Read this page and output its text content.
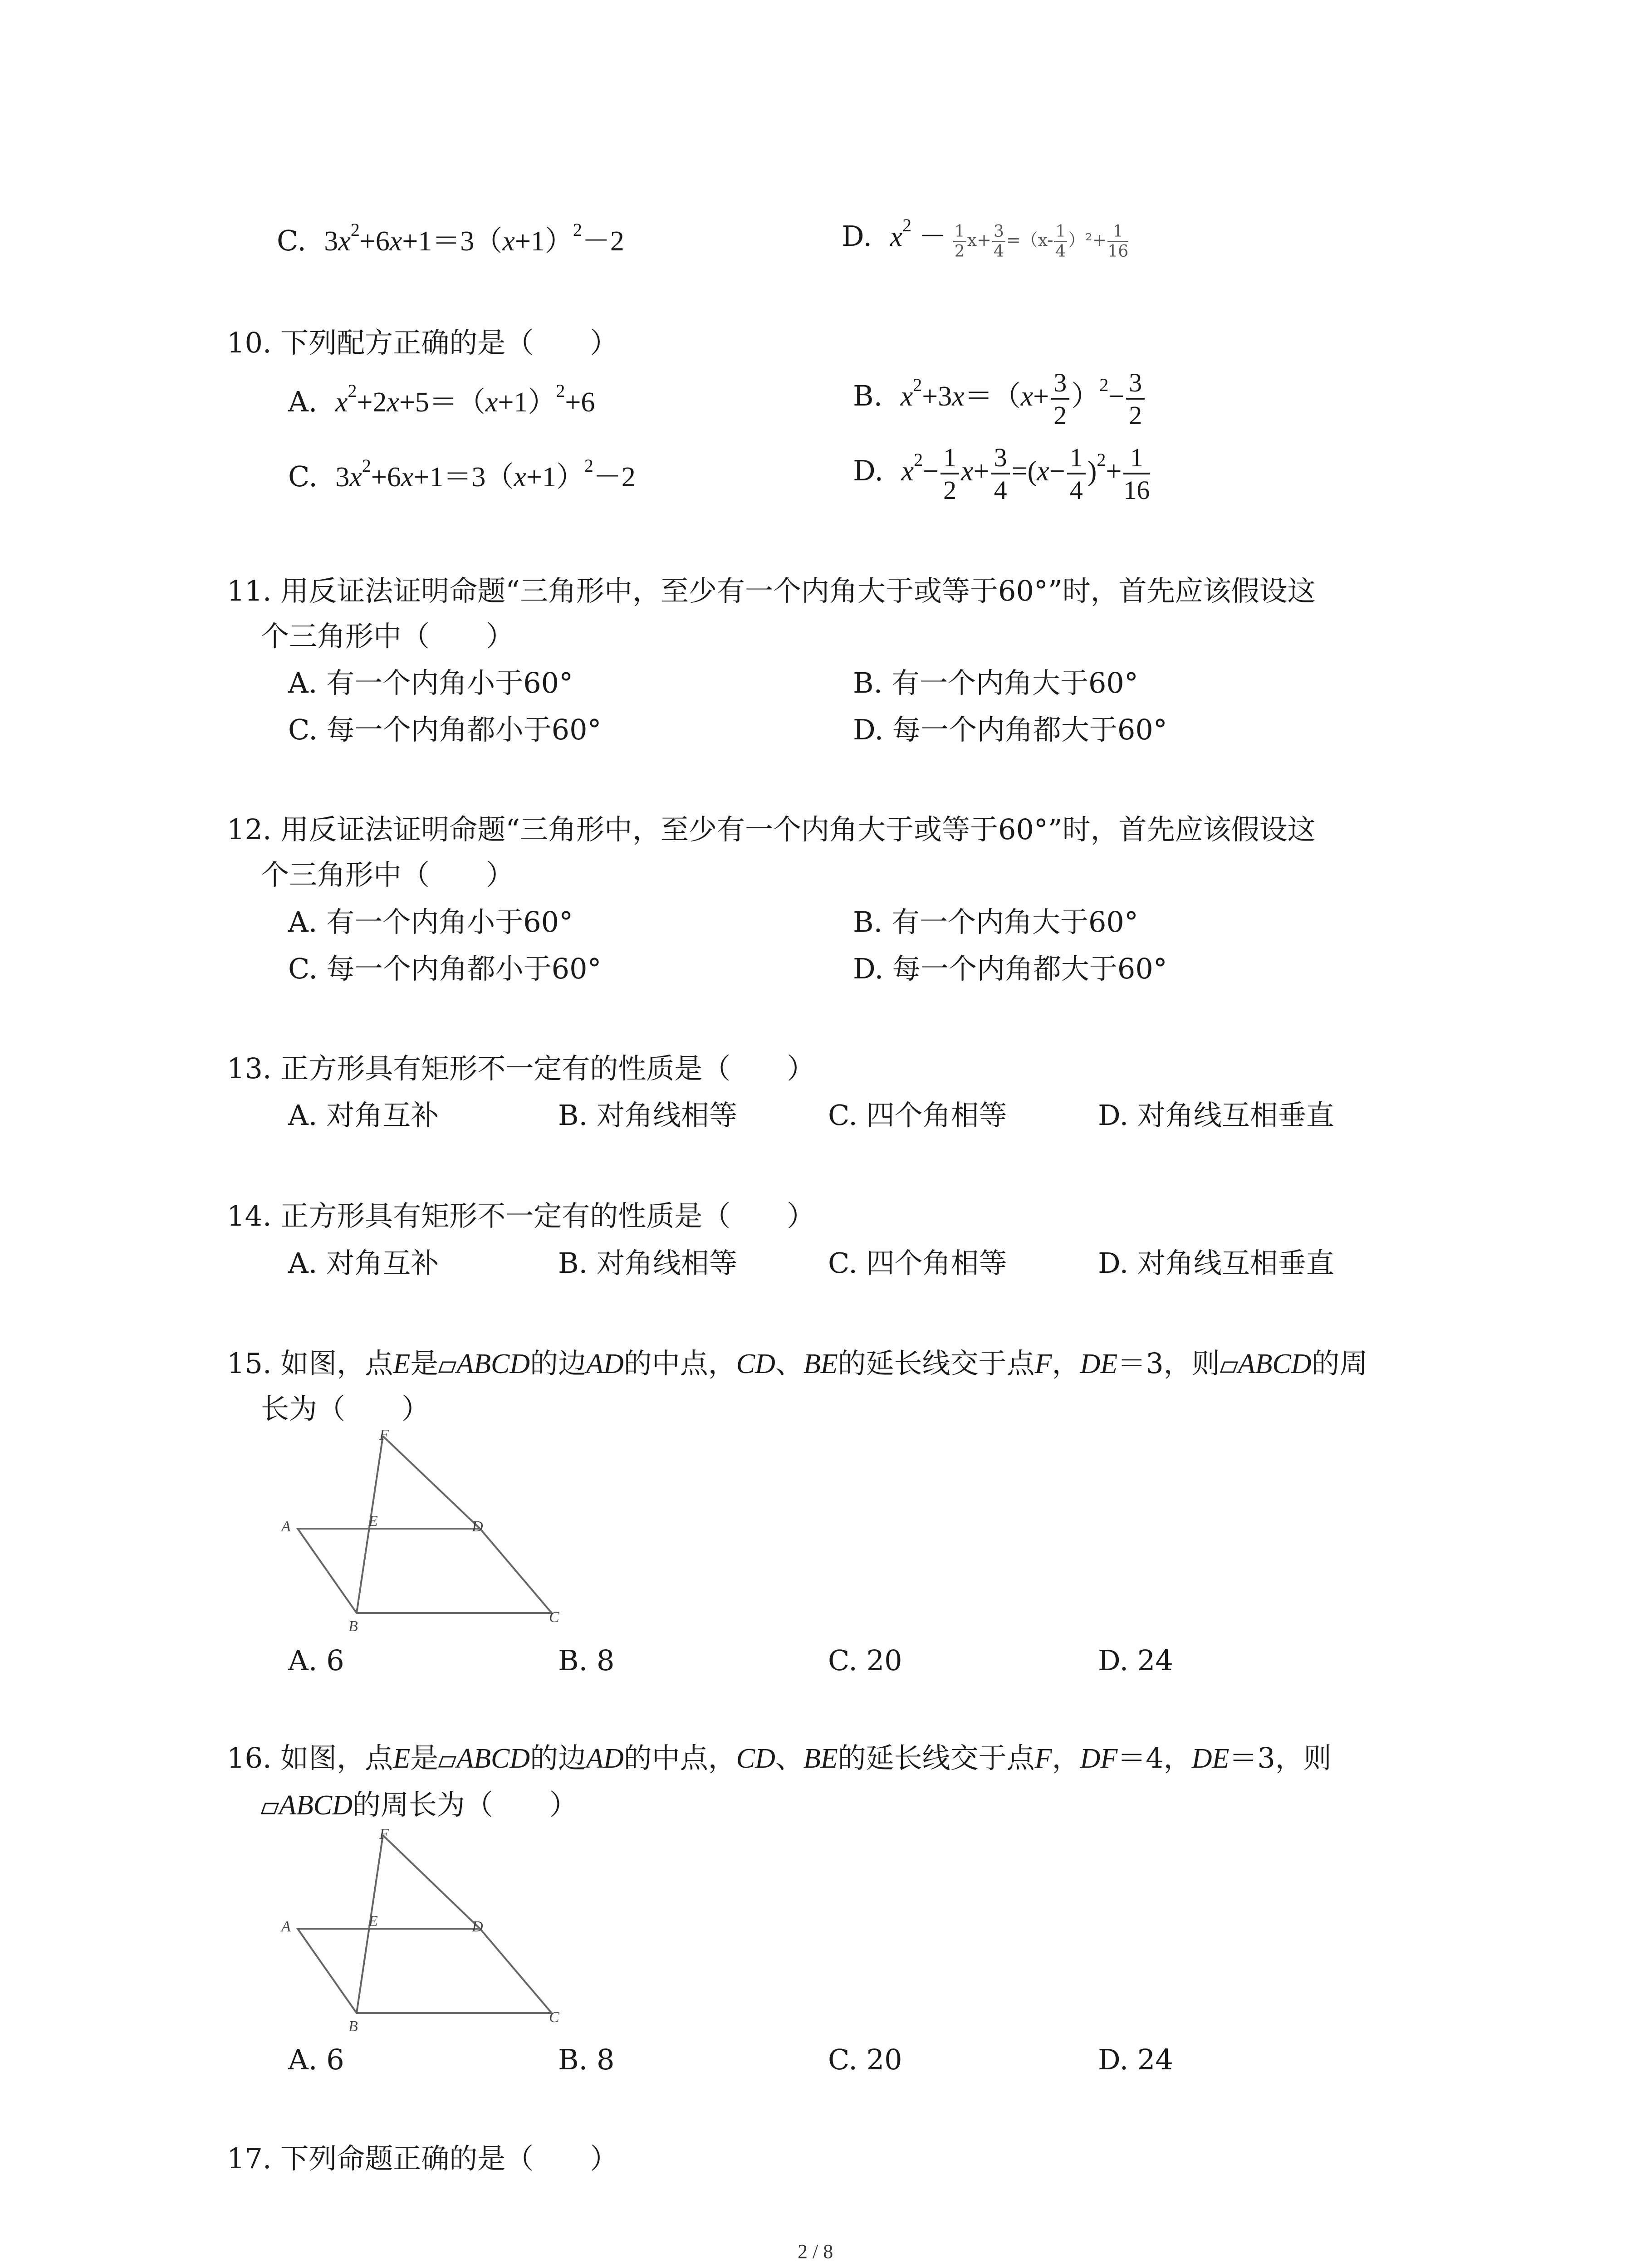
C. $3x^2+6x+1=3(x+1)^2-2$	D. $x^2 - \frac{1}{2} x+ \frac{3}{4} =(x- \frac{1}{4} )^2+ \frac{1}{16}$
10. 下列配方正确的是（　　）
A. $x^2+2x+5=(x+1)^2+6$	B. $x^2+3x=(x+ \frac{3}{2} )^2- \frac{3}{2}$
C. $3x^2+6x+1=3(x+1)^2-2$	D. $x^2- \frac{1}{2} x+ \frac{3}{4} =(x- \frac{1}{4} )^2+ \frac{1}{16}$
11. 用反证法证明命题“三角形中，至少有一个内角大于或等于60°”时，首先应该假设这
个三角形中（　　）
A. 有一个内角小于60°	B. 有一个内角大于60°
C. 每一个内角都小于60°	D. 每一个内角都大于60°
12. 用反证法证明命题“三角形中，至少有一个内角大于或等于60°”时，首先应该假设这
个三角形中（　　）
A. 有一个内角小于60°	B. 有一个内角大于60°
C. 每一个内角都小于60°	D. 每一个内角都大于60°
13. 正方形具有矩形不一定有的性质是（　　）
A. 对角互补	B. 对角线相等	C. 四个角相等	D. 对角线互相垂直
14. 正方形具有矩形不一定有的性质是（　　）
A. 对角互补	B. 对角线相等	C. 四个角相等	D. 对角线互相垂直
15. 如图，点E是 ABCD的边AD的中点，CD、BE的延长线交于点F，DE＝3，则 ABCD的周
长为（　　）
F
A	E	D
B
C
A. 6	B. 8	C. 20	D. 24
16. 如图，点E是 ABCD的边AD的中点，CD、BE的延长线交于点F，DF＝4，DE＝3，则
ABCD的周长为（　　）
F
A	E	D
B
C
A. 6	B. 8	C. 20	D. 24
17. 下列命题正确的是（　　）
2 / 8
